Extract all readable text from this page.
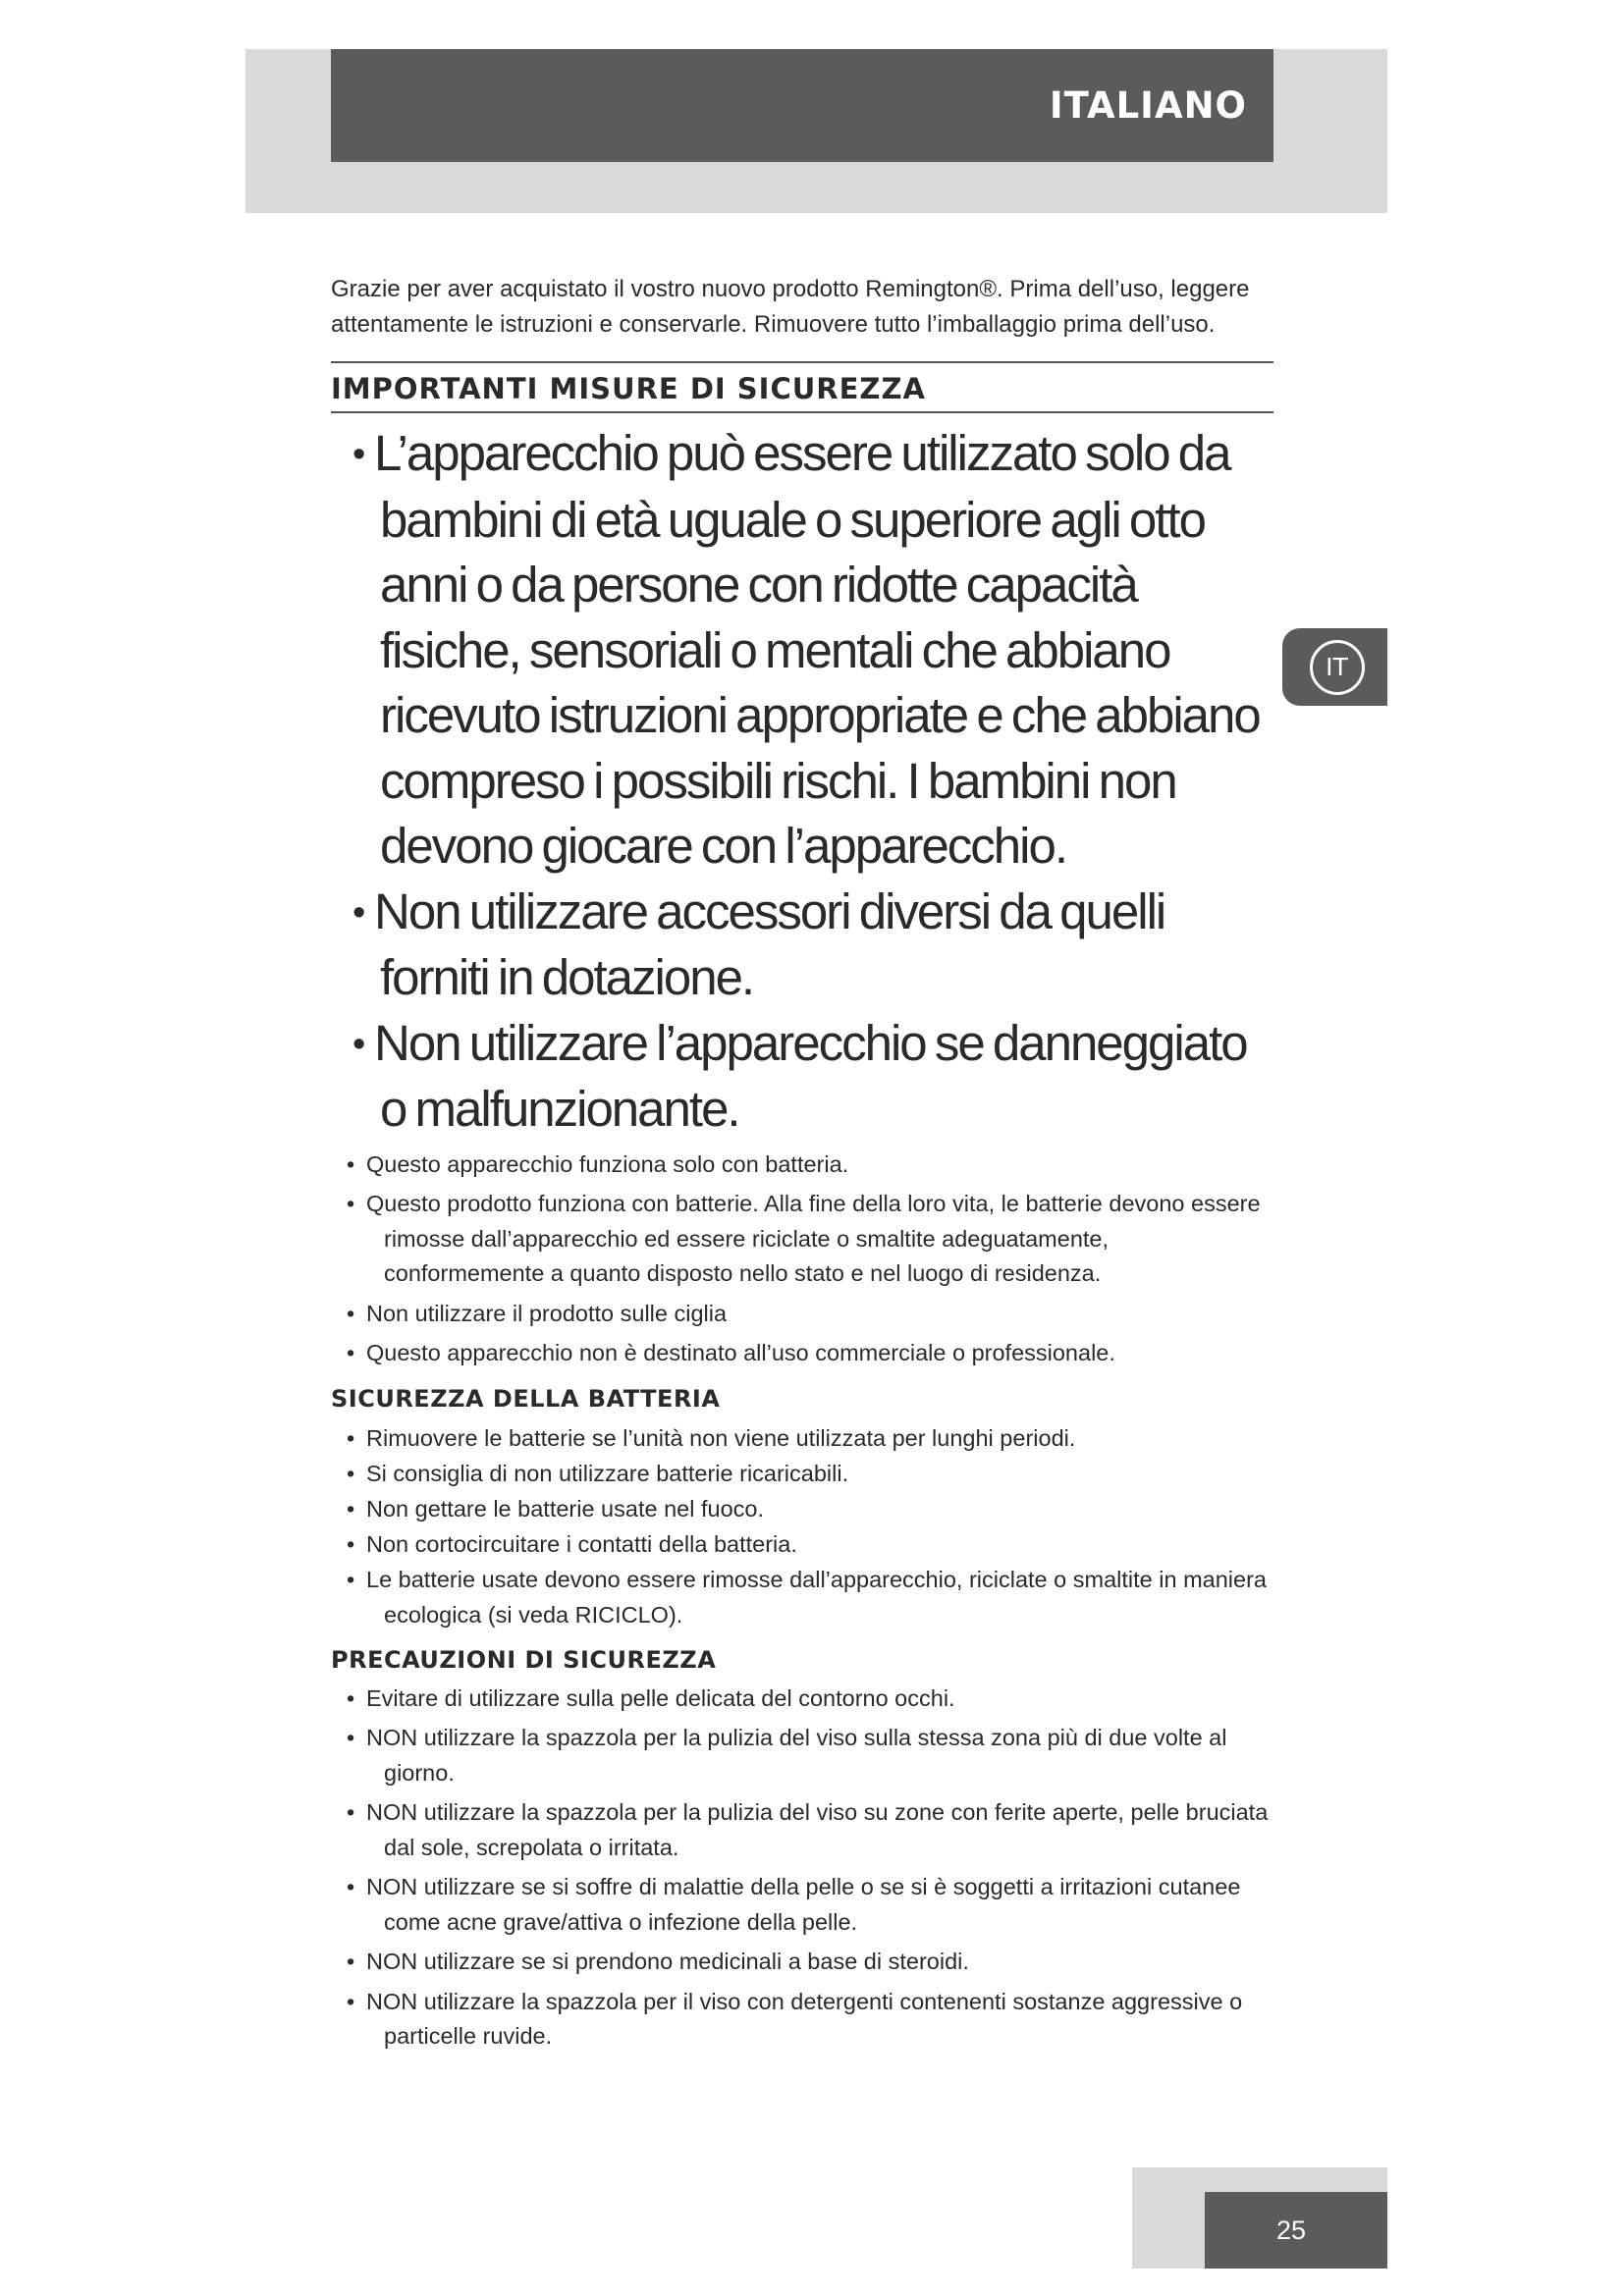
ITALIANO
IT

Grazie per aver acquistato il vostro nuovo prodotto Remington®. Prima dell’uso, leggere attentamente le istruzioni e conservarle. Rimuovere tutto l’imballaggio prima dell’uso.

IMPORTANTI MISURE DI SICUREZZA
• L’apparecchio può essere utilizzato solo da bambini di età uguale o superiore agli otto anni o da persone con ridotte capacità fisiche, sensoriali o mentali che abbiano ricevuto istruzioni appropriate e che abbiano compreso i possibili rischi. I bambini non devono giocare con l’apparecchio.
• Non utilizzare accessori diversi da quelli forniti in dotazione.
• Non utilizzare l’apparecchio se danneggiato o malfunzionante.
• Questo apparecchio funziona solo con batteria.
• Questo prodotto funziona con batterie. Alla fine della loro vita, le batterie devono essere rimosse dall’apparecchio ed essere riciclate o smaltite adeguatamente, conformemente a quanto disposto nello stato e nel luogo di residenza.
• Non utilizzare il prodotto sulle ciglia
• Questo apparecchio non è destinato all’uso commerciale o professionale.
SICUREZZA DELLA BATTERIA
• Rimuovere le batterie se l’unità non viene utilizzata per lunghi periodi.
• Si consiglia di non utilizzare batterie ricaricabili.
• Non gettare le batterie usate nel fuoco.
• Non cortocircuitare i contatti della batteria.
• Le batterie usate devono essere rimosse dall’apparecchio, riciclate o smaltite in maniera ecologica (si veda RICICLO).
PRECAUZIONI DI SICUREZZA
• Evitare di utilizzare sulla pelle delicata del contorno occhi.
• NON utilizzare la spazzola per la pulizia del viso sulla stessa zona più di due volte al giorno.
• NON utilizzare la spazzola per la pulizia del viso su zone con ferite aperte, pelle bruciata dal sole, screpolata o irritata.
• NON utilizzare se si soffre di malattie della pelle o se si è soggetti a irritazioni cutanee come acne grave/attiva o infezione della pelle.
• NON utilizzare se si prendono medicinali a base di steroidi.
• NON utilizzare la spazzola per il viso con detergenti contenenti sostanze aggressive o particelle ruvide.
25
